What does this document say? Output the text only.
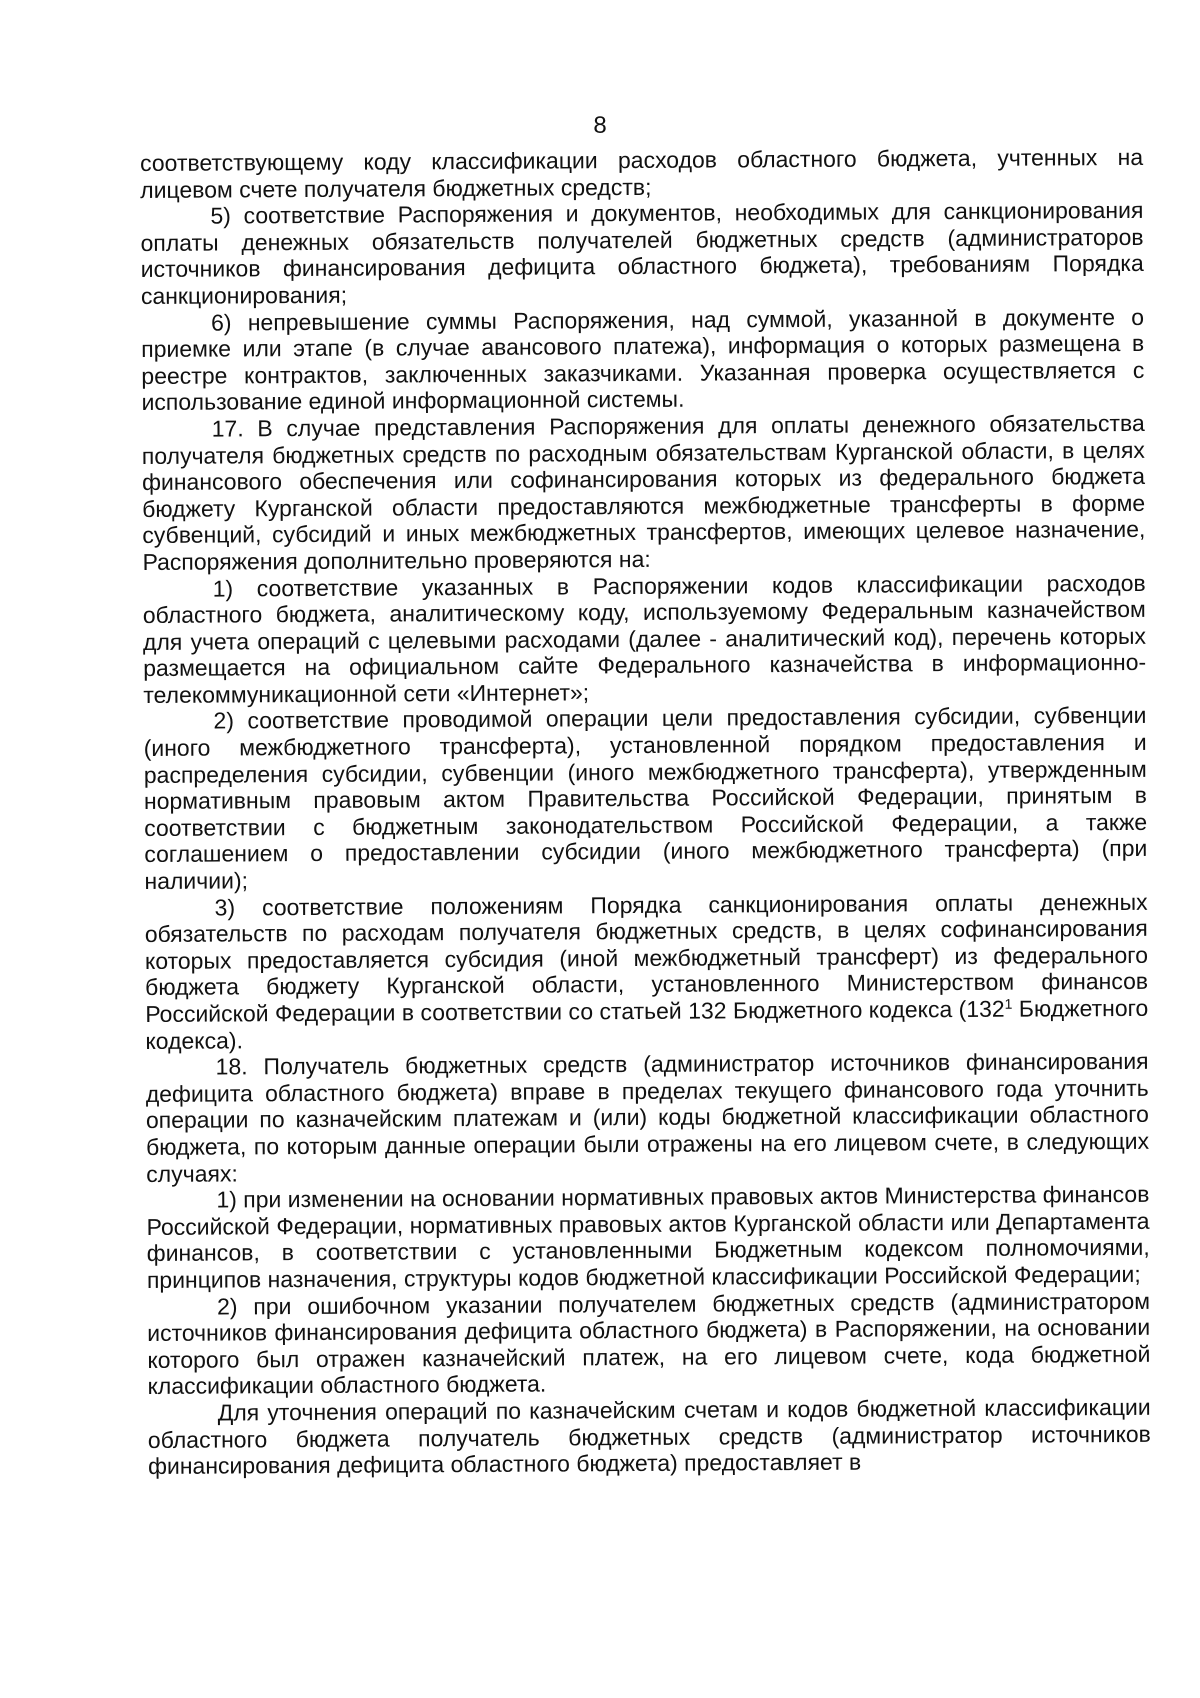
8

соответствующему коду классификации расходов областного бюджета, учтенных на лицевом счете получателя бюджетных средств;

5) соответствие Распоряжения и документов, необходимых для санкционирования оплаты денежных обязательств получателей бюджетных средств (администраторов источников финансирования дефицита областного бюджета), требованиям Порядка санкционирования;

6) непревышение суммы Распоряжения, над суммой, указанной в документе о приемке или этапе (в случае авансового платежа), информация о которых размещена в реестре контрактов, заключенных заказчиками. Указанная проверка осуществляется с использование единой информационной системы.

17. В случае представления Распоряжения для оплаты денежного обязательства получателя бюджетных средств по расходным обязательствам Курганской области, в целях финансового обеспечения или софинансирования которых из федерального бюджета бюджету Курганской области предоставляются межбюджетные трансферты в форме субвенций, субсидий и иных межбюджетных трансфертов, имеющих целевое назначение, Распоряжения дополнительно проверяются на:

1) соответствие указанных в Распоряжении кодов классификации расходов областного бюджета, аналитическому коду, используемому Федеральным казначейством для учета операций с целевыми расходами (далее - аналитический код), перечень которых размещается на официальном сайте Федерального казначейства в информационно-телекоммуникационной сети «Интернет»;

2) соответствие проводимой операции цели предоставления субсидии, субвенции (иного межбюджетного трансферта), установленной порядком предоставления и распределения субсидии, субвенции (иного межбюджетного трансферта), утвержденным нормативным правовым актом Правительства Российской Федерации, принятым в соответствии с бюджетным законодательством Российской Федерации, а также соглашением о предоставлении субсидии (иного межбюджетного трансферта) (при наличии);

3) соответствие положениям Порядка санкционирования оплаты денежных обязательств по расходам получателя бюджетных средств, в целях софинансирования которых предоставляется субсидия (иной межбюджетный трансферт) из федерального бюджета бюджету Курганской области, установленного Министерством финансов Российской Федерации в соответствии со статьей 132 Бюджетного кодекса ($132^1$ Бюджетного кодекса).

18. Получатель бюджетных средств (администратор источников финансирования дефицита областного бюджета) вправе в пределах текущего финансового года уточнить операции по казначейским платежам и (или) коды бюджетной классификации областного бюджета, по которым данные операции были отражены на его лицевом счете, в следующих случаях:

1) при изменении на основании нормативных правовых актов Министерства финансов Российской Федерации, нормативных правовых актов Курганской области или Департамента финансов, в соответствии с установленными Бюджетным кодексом полномочиями, принципов назначения, структуры кодов бюджетной классификации Российской Федерации;

2) при ошибочном указании получателем бюджетных средств (администратором источников финансирования дефицита областного бюджета) в Распоряжении, на основании которого был отражен казначейский платеж, на его лицевом счете, кода бюджетной классификации областного бюджета.

Для уточнения операций по казначейским счетам и кодов бюджетной классификации областного бюджета получатель бюджетных средств (администратор источников финансирования дефицита областного бюджета) предоставляет в
